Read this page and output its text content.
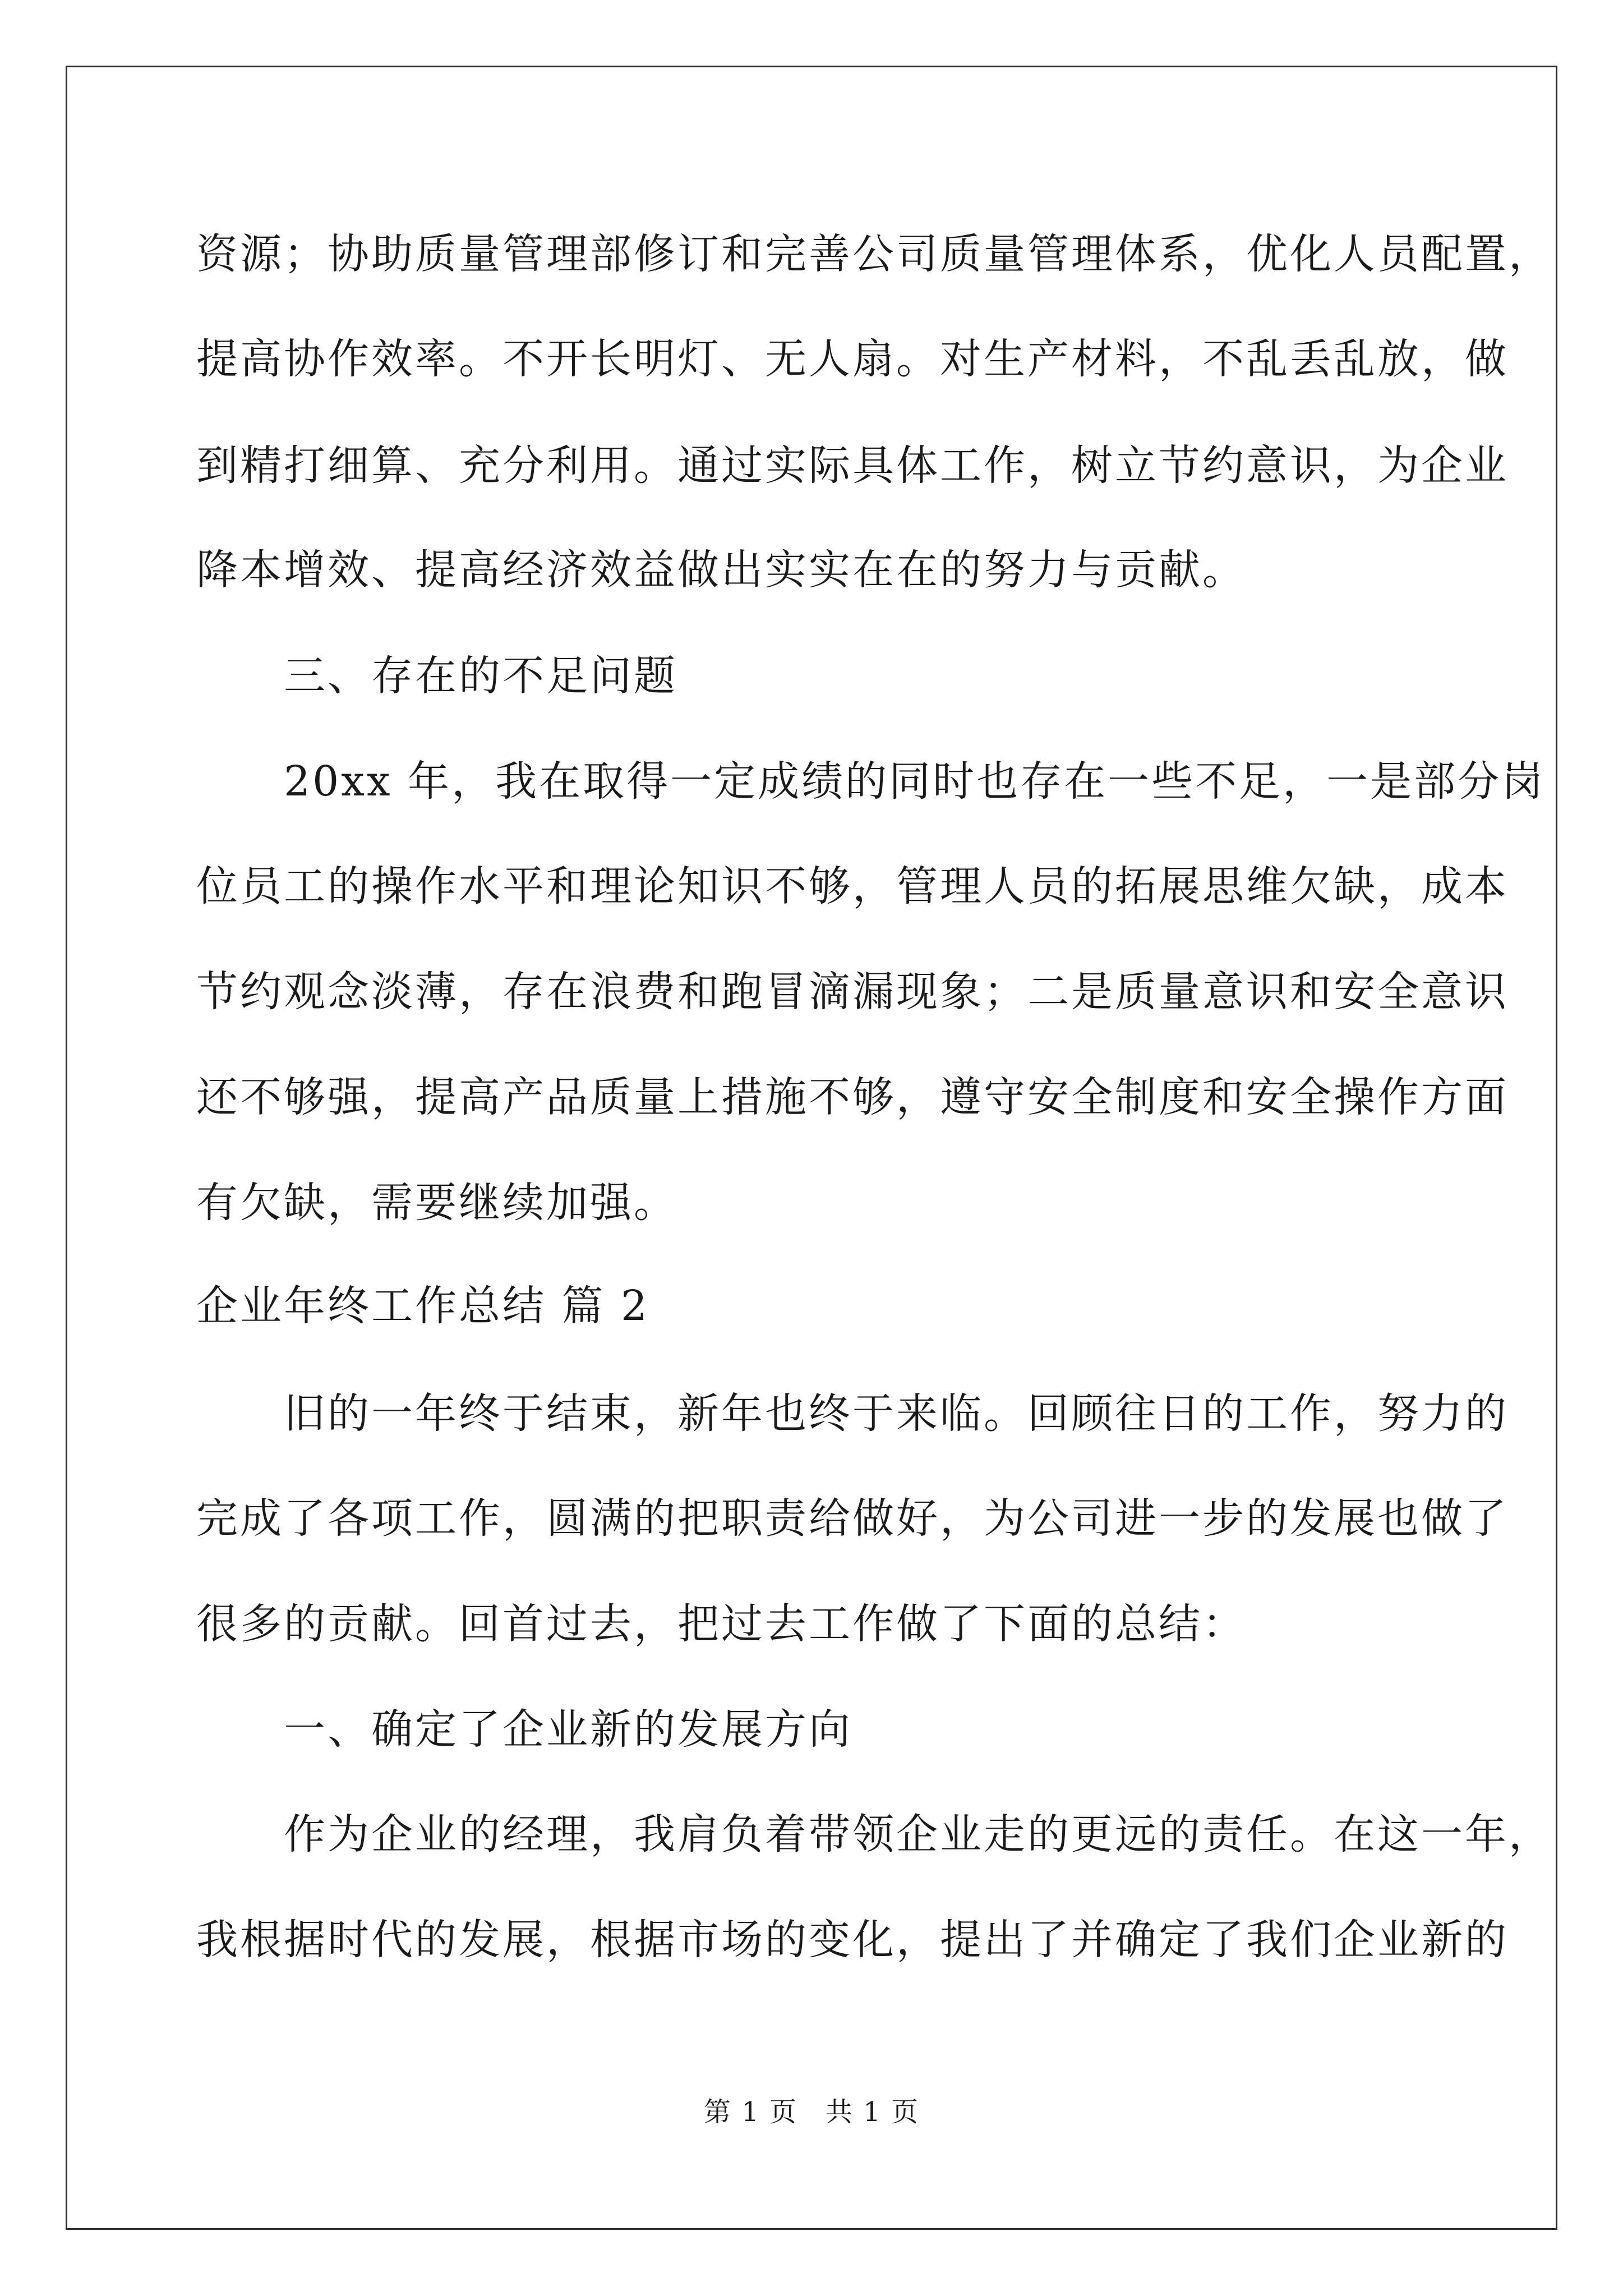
资源；协助质量管理部修订和完善公司质量管理体系，优化人员配置，
提高协作效率。不开长明灯、无人扇。对生产材料，不乱丢乱放，做
到精打细算、充分利用。通过实际具体工作，树立节约意识，为企业
降本增效、提高经济效益做出实实在在的努力与贡献。
　　三、存在的不足问题
　　20xx 年，我在取得一定成绩的同时也存在一些不足，一是部分岗
位员工的操作水平和理论知识不够，管理人员的拓展思维欠缺，成本
节约观念淡薄，存在浪费和跑冒滴漏现象；二是质量意识和安全意识
还不够强，提高产品质量上措施不够，遵守安全制度和安全操作方面
有欠缺，需要继续加强。
企业年终工作总结 篇 2
　　旧的一年终于结束，新年也终于来临。回顾往日的工作，努力的
完成了各项工作，圆满的把职责给做好，为公司进一步的发展也做了
很多的贡献。回首过去，把过去工作做了下面的总结：
　　一、确定了企业新的发展方向
　　作为企业的经理，我肩负着带领企业走的更远的责任。在这一年，
我根据时代的发展，根据市场的变化，提出了并确定了我们企业新的
第 1 页　共 1 页
